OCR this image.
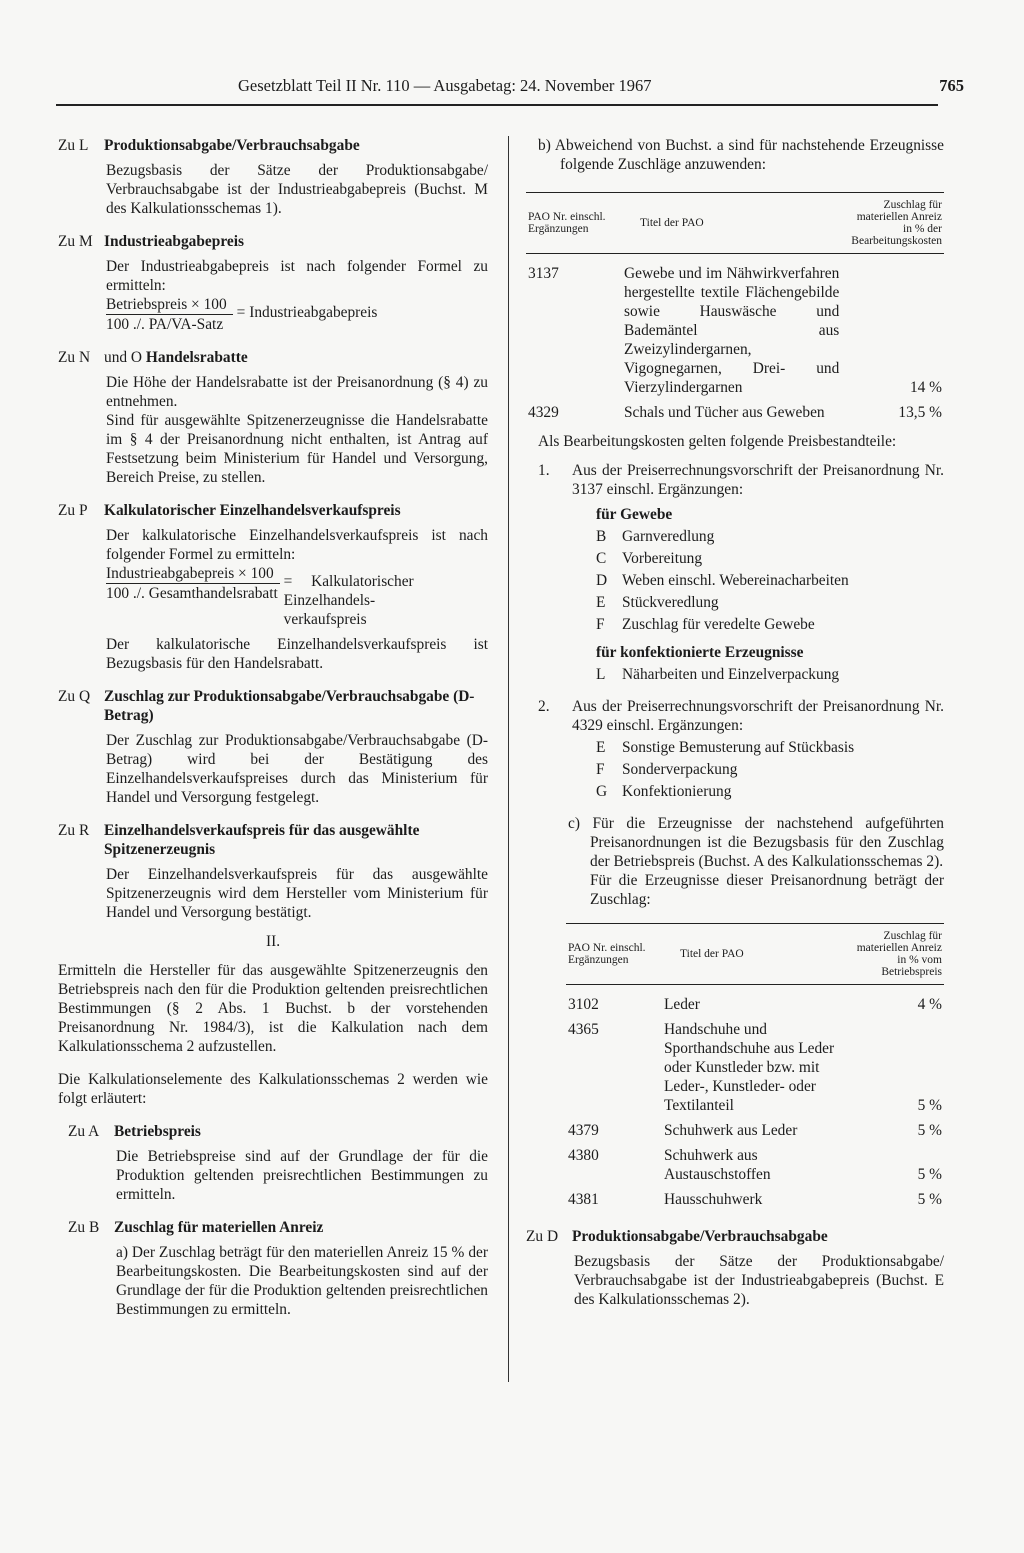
Gesetzblatt Teil II Nr. 110 — Ausgabetag: 24. November 1967	765

Zu L Produktionsabgabe/Verbrauchsabgabe

Bezugsbasis der Sätze der Produktionsabgabe/ Verbrauchsabgabe ist der Industrieabgabepreis (Buchst. M des Kalkulationsschemas 1).

Zu M Industrieabgabepreis

Der Industrieabgabepreis ist nach folgender Formel zu ermitteln:

$\frac{\text{Betriebspreis × 100}}{\text{100 ./. PA/VA-Satz}}$ = Industrieabgabepreis

Zu N und O Handelsrabatte

Die Höhe der Handelsrabatte ist der Preisanordnung (§ 4) zu entnehmen.

Sind für ausgewählte Spitzenerzeugnisse die Handelsrabatte im § 4 der Preisanordnung nicht enthalten, ist Antrag auf Festsetzung beim Ministerium für Handel und Versorgung, Bereich Preise, zu stellen.

Zu P Kalkulatorischer Einzelhandelsverkaufspreis

Der kalkulatorische Einzelhandelsverkaufspreis ist nach folgender Formel zu ermitteln:

$\frac{\text{Industrieabgabepreis × 100}}{\text{100 ./. Gesamthandelsrabatt}}$ = Kalkulatorischer Einzelhandels- verkaufspreis

Der kalkulatorische Einzelhandelsverkaufspreis ist Bezugsbasis für den Handelsrabatt.

Zu Q Zuschlag zur Produktionsabgabe/Verbrauchsabgabe (D-Betrag)

Der Zuschlag zur Produktionsabgabe/Verbrauchsabgabe (D-Betrag) wird bei der Bestätigung des Einzelhandelsverkaufspreises durch das Ministerium für Handel und Versorgung festgelegt.

Zu R Einzelhandelsverkaufspreis für das ausgewählte Spitzenerzeugnis

Der Einzelhandelsverkaufspreis für das ausgewählte Spitzenerzeugnis wird dem Hersteller vom Ministerium für Handel und Versorgung bestätigt.

II.

Ermitteln die Hersteller für das ausgewählte Spitzenerzeugnis den Betriebspreis nach den für die Produktion geltenden preisrechtlichen Bestimmungen (§ 2 Abs. 1 Buchst. b der vorstehenden Preisanordnung Nr. 1984/3), ist die Kalkulation nach dem Kalkulationsschema 2 aufzustellen.

Die Kalkulationselemente des Kalkulationsschemas 2 werden wie folgt erläutert:

Zu A Betriebspreis

Die Betriebspreise sind auf der Grundlage der für die Produktion geltenden preisrechtlichen Bestimmungen zu ermitteln.

Zu B Zuschlag für materiellen Anreiz

a) Der Zuschlag beträgt für den materiellen Anreiz 15 % der Bearbeitungskosten. Die Bearbeitungskosten sind auf der Grundlage der für die Produktion geltenden preisrechtlichen Bestimmungen zu ermitteln.

b) Abweichend von Buchst. a sind für nachstehende Erzeugnisse folgende Zuschläge anzuwenden:

PAO Nr. einschl. Ergänzungen	Titel der PAO	Zuschlag für materiellen Anreiz in % der Bearbeitungskosten

3137	Gewebe und im Nähwirkverfahren hergestellte textile Flächengebilde sowie Hauswäsche und Bademäntel aus Zweizylindergarnen, Vigognegarnen, Drei- und Vierzylindergarnen	14 %
4329	Schals und Tücher aus Geweben	13,5 %

Als Bearbeitungskosten gelten folgende Preisbestandteile:

1.	Aus der Preiserrechnungsvorschrift der Preisanordnung Nr. 3137 einschl. Ergänzungen:

für Gewebe

B	Garnveredlung
C	Vorbereitung
D Weben einschl. Webereinacharbeiten
E	Stückveredlung
F	Zuschlag für veredelte Gewebe

für konfektionierte Erzeugnisse

L	Näharbeiten und Einzelverpackung
2.	Aus der Preiserrechnungsvorschrift der Preisanordnung Nr. 4329 einschl. Ergänzungen:
E	Sonstige Bemusterung auf Stückbasis
F	Sonderverpackung
G Konfektionierung

c) Für die Erzeugnisse der nachstehend aufgeführten Preisanordnungen ist die Bezugsbasis für den Zuschlag der Betriebspreis (Buchst. A des Kalkulationsschemas 2).

Für die Erzeugnisse dieser Preisanordnung beträgt der Zuschlag:

PAO Nr. einschl. Ergänzungen	Titel der PAO	Zuschlag für materiellen Anreiz in % vom Betriebspreis

3102	Leder	4 %
4365	Handschuhe und Sporthandschuhe aus Leder oder Kunstleder bzw. mit Leder-, Kunstleder- oder Textilanteil	5 %
4379	Schuhwerk aus Leder	5 %
4380	Schuhwerk aus Austauschstoffen	5 %
4381	Hausschuhwerk	5 %

Zu D Produktionsabgabe/Verbrauchsabgabe

Bezugsbasis der Sätze der Produktionsabgabe/ Verbrauchsabgabe ist der Industrieabgabepreis (Buchst. E des Kalkulationsschemas 2).
